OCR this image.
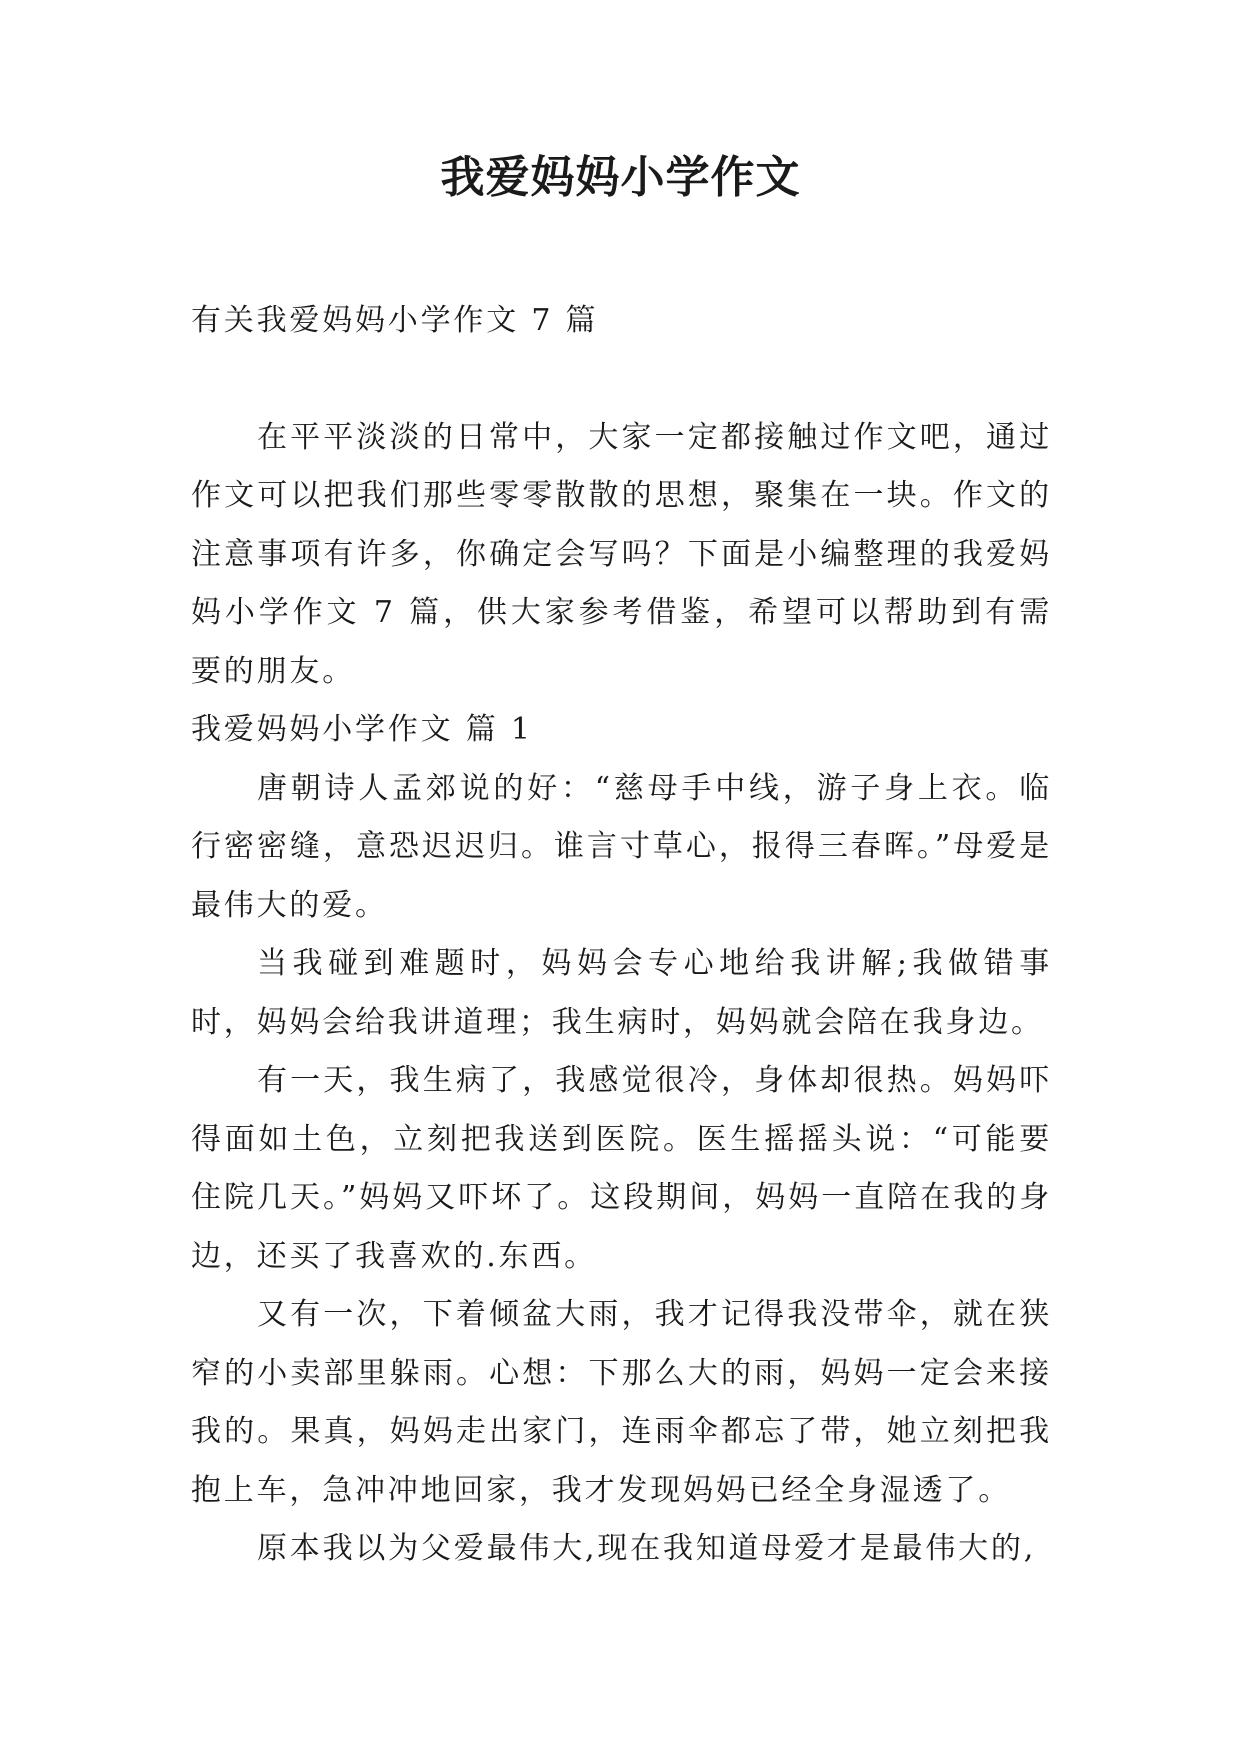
我爱妈妈小学作文

有关我爱妈妈小学作文 7 篇

在平平淡淡的日常中，大家一定都接触过作文吧，通过作文可以把我们那些零零散散的思想，聚集在一块。作文的注意事项有许多，你确定会写吗？下面是小编整理的我爱妈妈小学作文 7 篇，供大家参考借鉴，希望可以帮助到有需要的朋友。

我爱妈妈小学作文 篇 1

唐朝诗人孟郊说的好：“慈母手中线，游子身上衣。临行密密缝，意恐迟迟归。谁言寸草心，报得三春晖。”母爱是最伟大的爱。

当我碰到难题时，妈妈会专心地给我讲解;我做错事时，妈妈会给我讲道理；我生病时，妈妈就会陪在我身边。

有一天，我生病了，我感觉很冷，身体却很热。妈妈吓得面如土色，立刻把我送到医院。医生摇摇头说：“可能要住院几天。”妈妈又吓坏了。这段期间，妈妈一直陪在我的身边，还买了我喜欢的.东西。

又有一次，下着倾盆大雨，我才记得我没带伞，就在狭窄的小卖部里躲雨。心想：下那么大的雨，妈妈一定会来接我的。果真，妈妈走出家门，连雨伞都忘了带，她立刻把我抱上车，急冲冲地回家，我才发现妈妈已经全身湿透了。

原本我以为父爱最伟大,现在我知道母爱才是最伟大的,
